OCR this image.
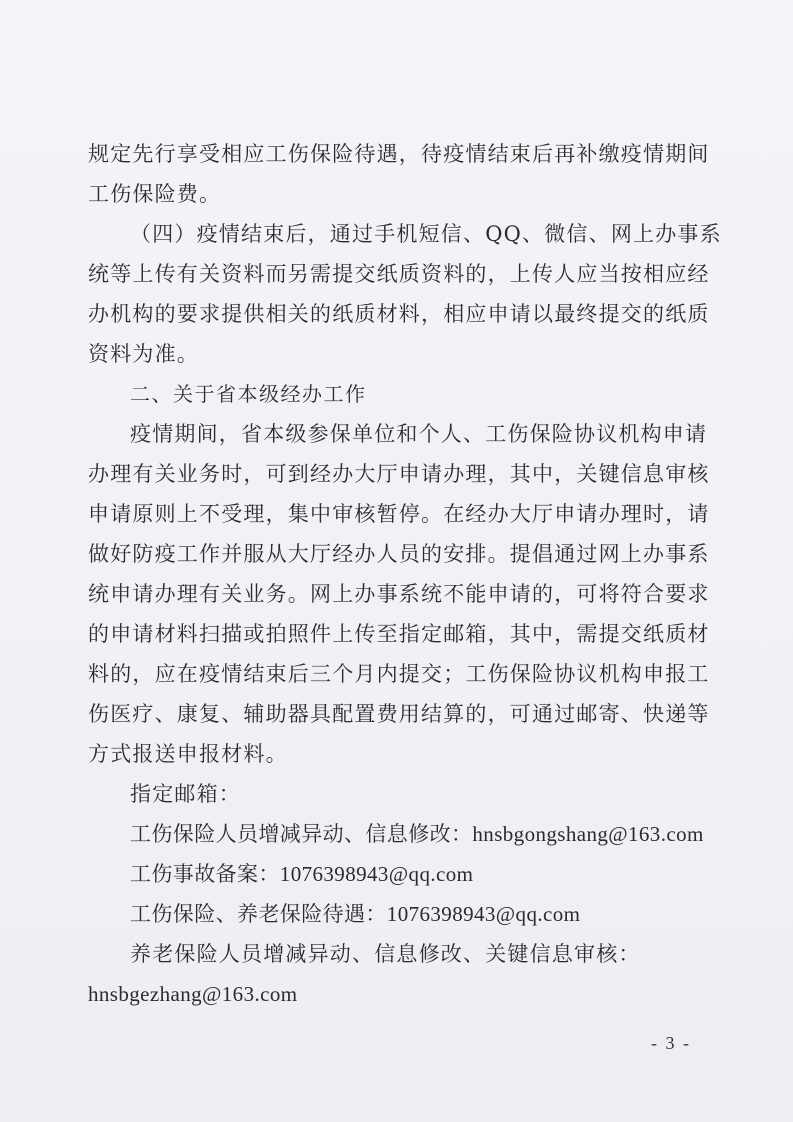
规定先行享受相应工伤保险待遇，待疫情结束后再补缴疫情期间
工伤保险费。
（四）疫情结束后，通过手机短信、QQ、微信、网上办事系
统等上传有关资料而另需提交纸质资料的，上传人应当按相应经
办机构的要求提供相关的纸质材料，相应申请以最终提交的纸质
资料为准。
二、关于省本级经办工作
疫情期间，省本级参保单位和个人、工伤保险协议机构申请
办理有关业务时，可到经办大厅申请办理，其中，关键信息审核
申请原则上不受理，集中审核暂停。在经办大厅申请办理时，请
做好防疫工作并服从大厅经办人员的安排。提倡通过网上办事系
统申请办理有关业务。网上办事系统不能申请的，可将符合要求
的申请材料扫描或拍照件上传至指定邮箱，其中，需提交纸质材
料的，应在疫情结束后三个月内提交；工伤保险协议机构申报工
伤医疗、康复、辅助器具配置费用结算的，可通过邮寄、快递等
方式报送申报材料。
指定邮箱：
工伤保险人员增减异动、信息修改：hnsbgongshang@163.com
工伤事故备案：1076398943@qq.com
工伤保险、养老保险待遇：1076398943@qq.com
养老保险人员增减异动、信息修改、关键信息审核：
hnsbgezhang@163.com
- 3 -
